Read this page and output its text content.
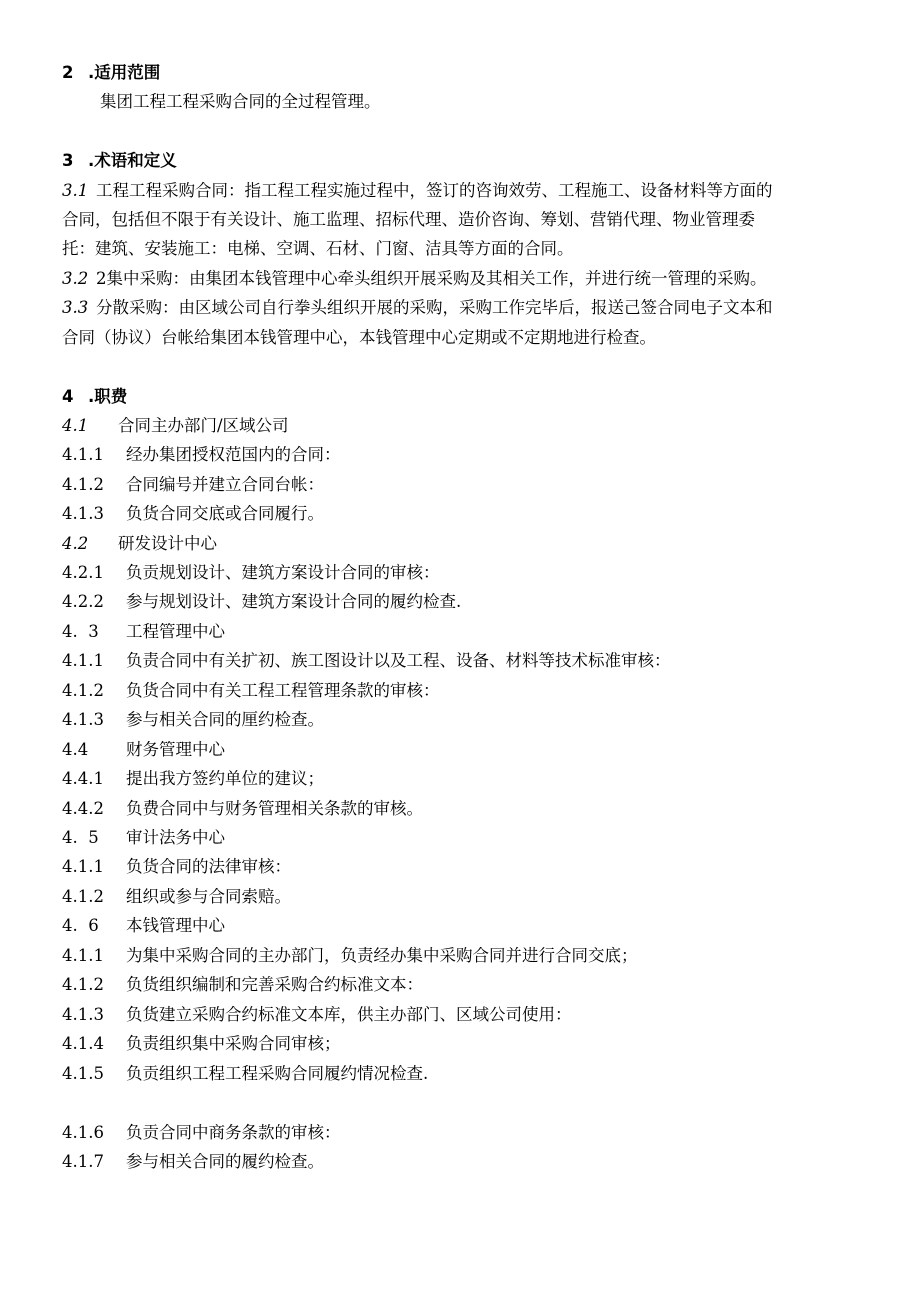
2 .适用范围
集团工程工程采购合同的全过程管理。
3 .术语和定义
3.1 工程工程采购合同：指工程工程实施过程中，签订的咨询效劳、工程施工、设备材料等方面的
合同，包括但不限于有关设计、施工监理、招标代理、造价咨询、筹划、营销代理、物业管理委
托：建筑、安装施工：电梯、空调、石材、门窗、洁具等方面的合同。
3.2 2集中采购：由集团本钱管理中心牵头组织开展采购及其相关工作，并进行统一管理的采购。
3.3 分散采购：由区域公司自行拳头组织开展的采购，采购工作完毕后，报送己签合同电子文本和
合同（协议）台帐给集团本钱管理中心，本钱管理中心定期或不定期地进行检查。
4 .职费
4.1 合同主办部门/区域公司
4.1.1 经办集团授权范国内的合同：
4.1.2 合同编号并建立合同台帐：
4.1.3 负货合同交底或合同履行。
4.2 研发设计中心
4.2.1 负贡规划设计、建筑方案设计合同的审核：
4.2.2 参与规划设计、建筑方案设计合同的履约检查.
4.  3 工程管理中心
4.1.1 负责合同中有关扩初、族工图设计以及工程、设备、材料等技术标准审核：
4.1.2 负货合同中有关工程工程管理条款的审核：
4.1.3 参与相关合同的厘约检查。
4.4 财务管理中心
4.4.1 提出我方签约单位的建议；
4.4.2 负费合同中与财务管理相关条款的审核。
4.  5 审计法务中心
4.1.1 负货合同的法律审核：
4.1.2 组织或参与合同索赔。
4.  6 本钱管理中心
4.1.1 为集中采购合同的主办部门，负责经办集中采购合同并进行合同交底；
4.1.2 负货组织编制和完善采购合约标准文本：
4.1.3 负货建立采购合约标准文本库，供主办部门、区域公司使用：
4.1.4 负责组织集中采购合同审核；
4.1.5 负贡组织工程工程采购合同履约情况检查.
4.1.6 负贡合同中商务条款的审核：
4.1.7 参与相关合同的履约检查。
